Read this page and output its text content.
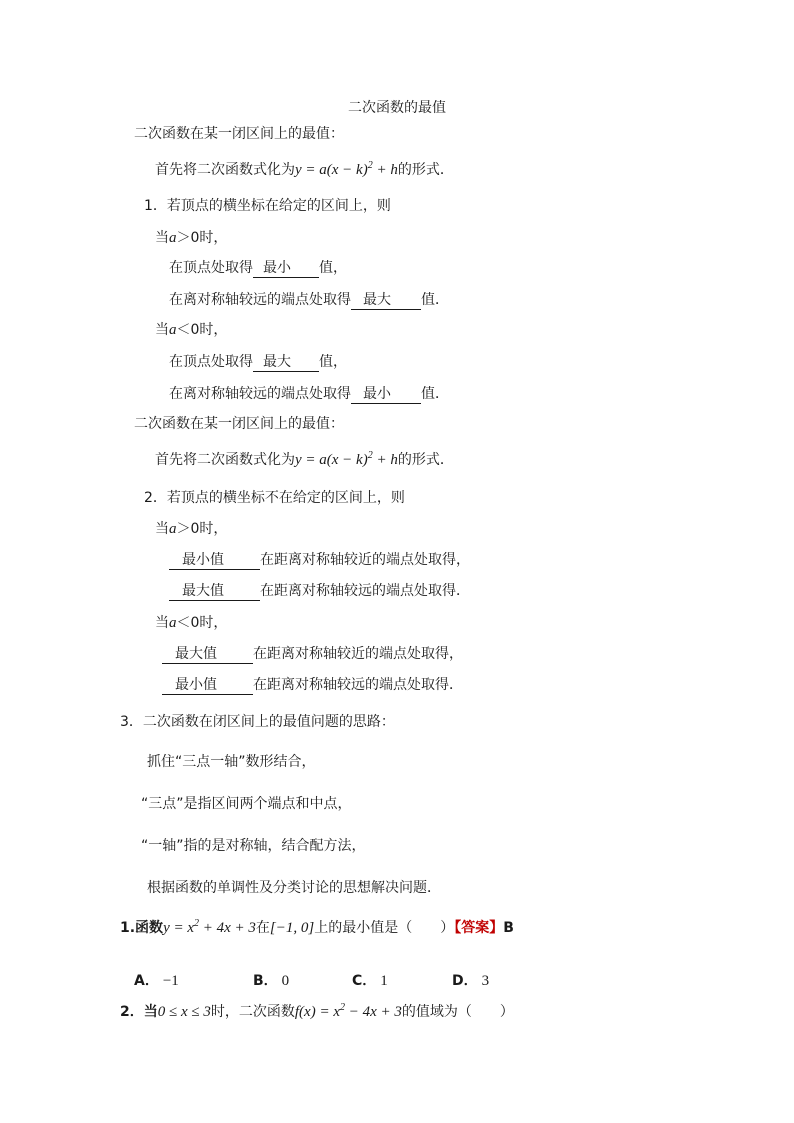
二次函数的最值
二次函数在某一闭区间上的最值：
首先将二次函数式化为$y = a(x - k)^2 + h$的形式．
1．若顶点的横坐标在给定的区间上，则
当a＞0时，
在顶点处取得 最小 值，
在离对称轴较远的端点处取得 最大 值．
当a＜0时，
在顶点处取得 最大 值，
在离对称轴较远的端点处取得 最小 值．
二次函数在某一闭区间上的最值：
首先将二次函数式化为$y = a(x - k)^2 + h$的形式．
2．若顶点的横坐标不在给定的区间上，则
当a＞0时，
最小值	在距离对称轴较近的端点处取得，
最大值	在距离对称轴较远的端点处取得．
当a＜0时，
最大值	在距离对称轴较近的端点处取得，
最小值	在距离对称轴较远的端点处取得．
3．二次函数在闭区间上的最值问题的思路：
抓住“三点一轴”数形结合，
“三点”是指区间两个端点和中点，
“一轴”指的是对称轴，结合配方法，
根据函数的单调性及分类讨论的思想解决问题．
1.函数$y = x^2 + 4x + 3$在[−1, 0]上的最小值是（　　）【答案】B
A． −1	B． 0	C． 1	D． 3
2．当0 ≤ x ≤ 3时，二次函数$f(x) = x^2 - 4x + 3$的值域为（　　）
